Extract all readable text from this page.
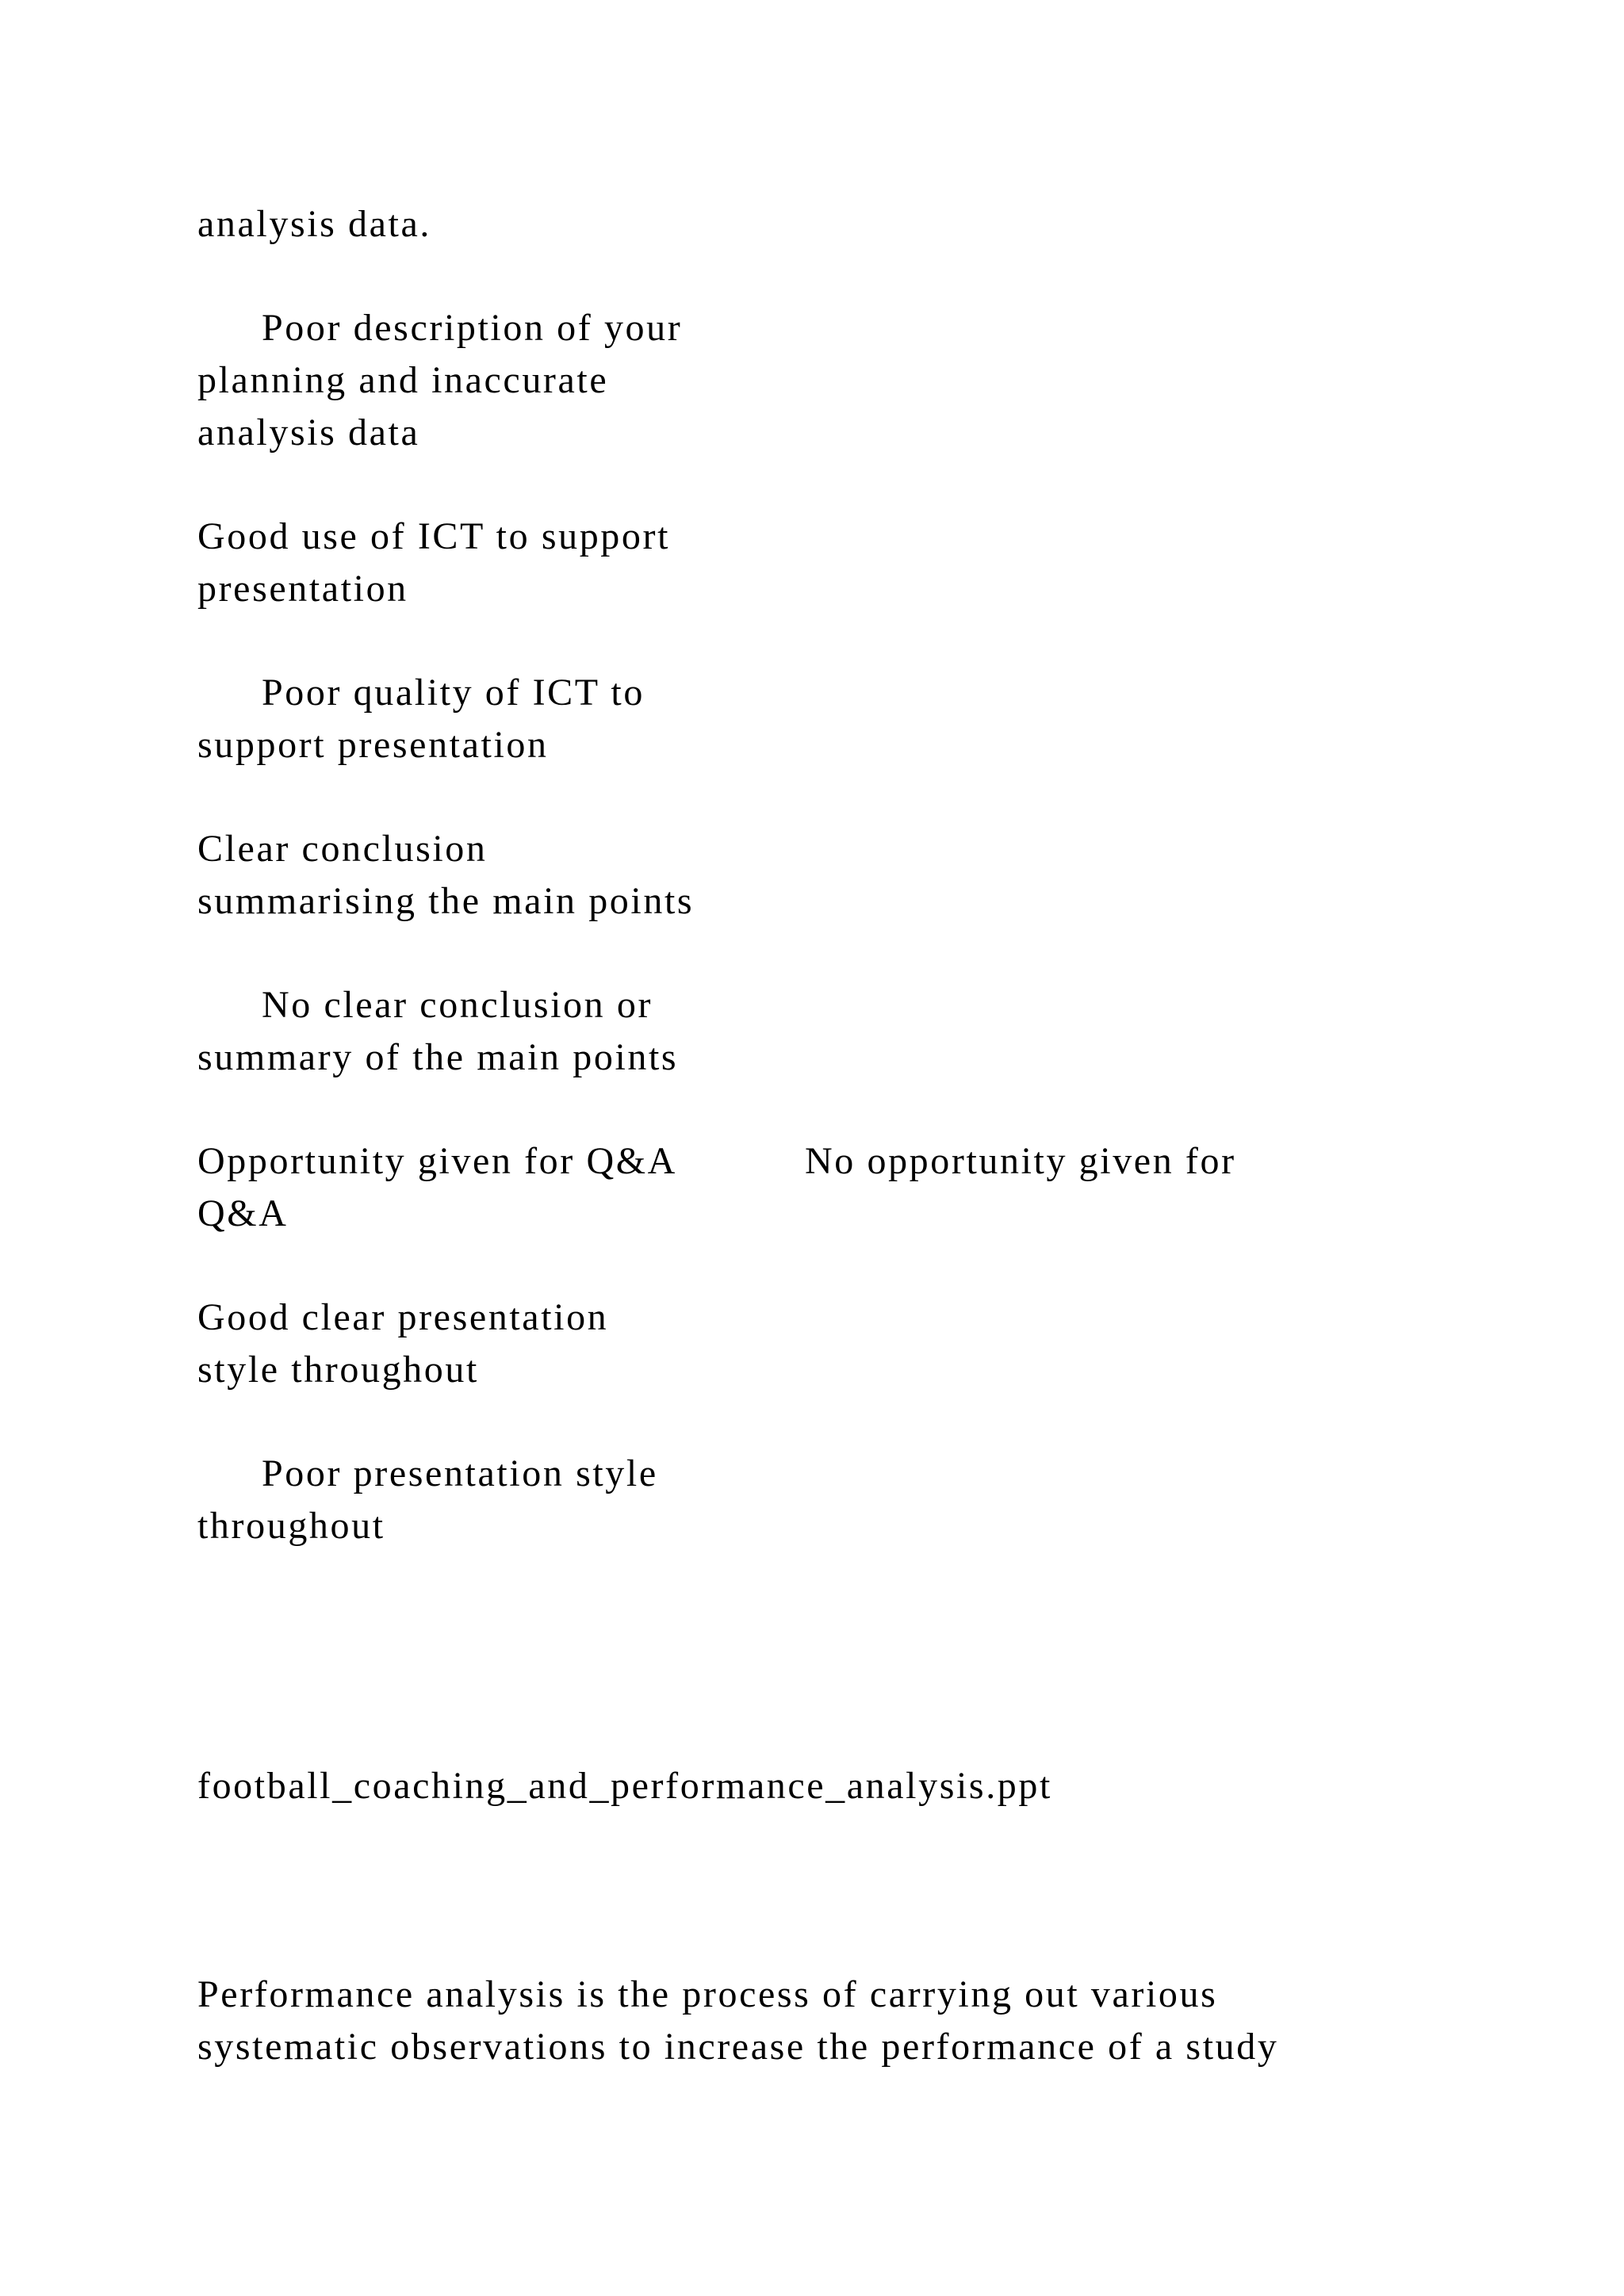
analysis data.

Poor description of your

planning and inaccurate

analysis data

Good use of ICT to support

presentation

Poor quality of ICT to

support presentation

Clear conclusion

summarising the main points

No clear conclusion or

summary of the main points

Opportunity given for Q&A	No opportunity given for

Q&A

Good clear presentation

style throughout

Poor presentation style

throughout

football_coaching_and_performance_analysis.ppt

Performance analysis is the process of carrying out various

systematic observations to increase the performance of a study
